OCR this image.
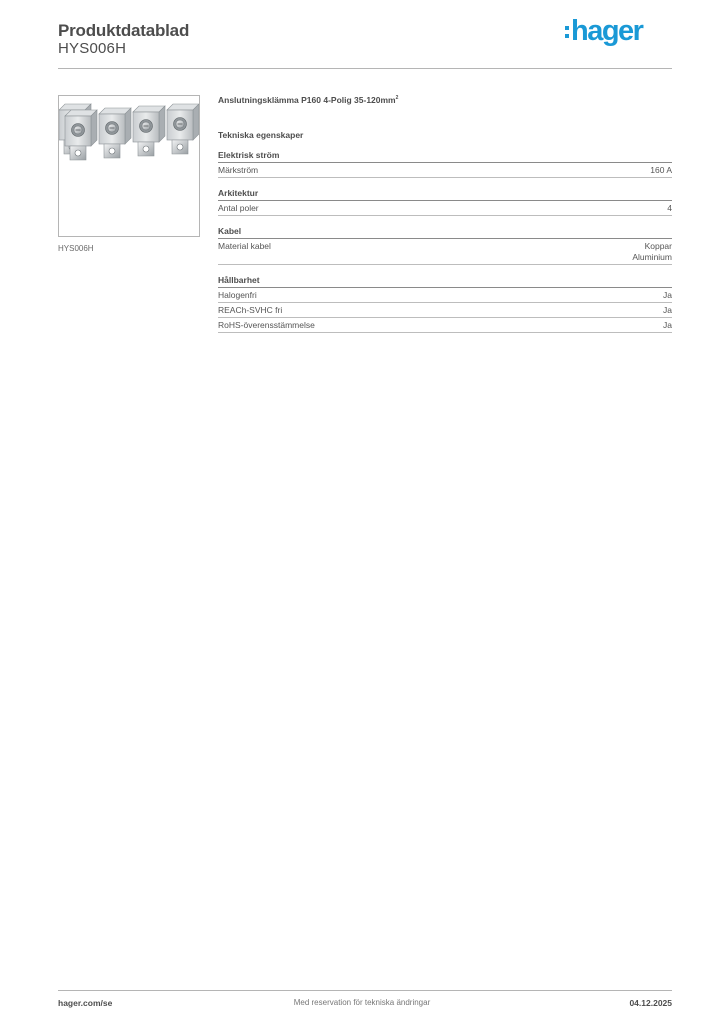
Produktdatablad
HYS006H
hager
HYS006H
Anslutningsklämma P160 4-Polig $35-120mm^2$
Tekniska egenskaper
Elektrisk ström
Märkström	160 A
Arkitektur
Antal poler	4
Kabel
Material kabel	Koppar
Aluminium
Hållbarhet
Halogenfri	Ja
REACh-SVHC fri	Ja
RoHS-överensstämmelse	Ja
hager.com/se	Med reservation för tekniska ändringar	04.12.2025
